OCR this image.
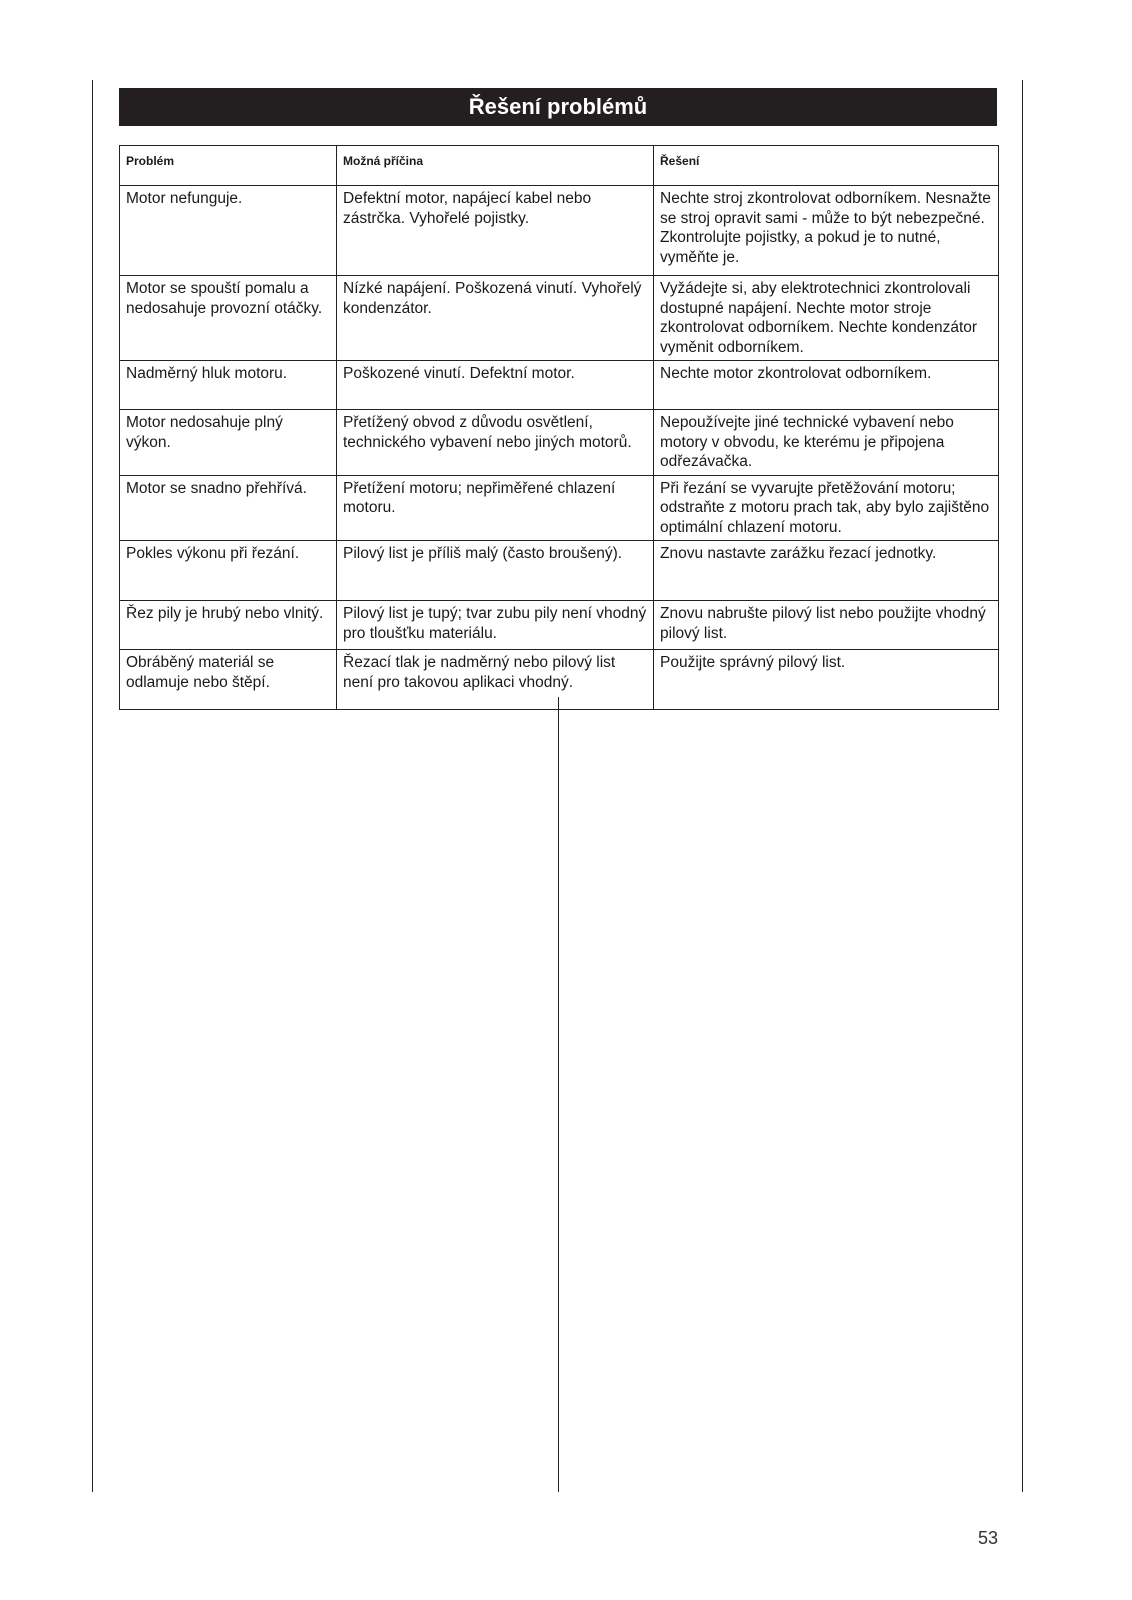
Řešení problémů
Problém	Možná příčina	Řešení
Motor nefunguje.	Defektní motor, napájecí kabel nebo zástrčka. Vyhořelé pojistky.	Nechte stroj zkontrolovat odborníkem. Nesnažte se stroj opravit sami - může to být nebezpečné. Zkontrolujte pojistky, a pokud je to nutné, vyměňte je.
Motor se spouští pomalu a nedosahuje provozní otáčky.	Nízké napájení. Poškozená vinutí. Vyhořelý kondenzátor.	Vyžádejte si, aby elektrotechnici zkontrolovali dostupné napájení. Nechte motor stroje zkontrolovat odborníkem. Nechte kondenzátor vyměnit odborníkem.
Nadměrný hluk motoru.	Poškozené vinutí. Defektní motor.	Nechte motor zkontrolovat odborníkem.
Motor nedosahuje plný výkon.	Přetížený obvod z důvodu osvětlení, technického vybavení nebo jiných motorů.	Nepoužívejte jiné technické vybavení nebo motory v obvodu, ke kterému je připojena odřezávačka.
Motor se snadno přehřívá.	Přetížení motoru; nepřiměřené chlazení motoru.	Při řezání se vyvarujte přetěžování motoru; odstraňte z motoru prach tak, aby bylo zajištěno optimální chlazení motoru.
Pokles výkonu při řezání.	Pilový list je příliš malý (často broušený).	Znovu nastavte zarážku řezací jednotky.
Řez pily je hrubý nebo vlnitý.	Pilový list je tupý; tvar zubu pily není vhodný pro tloušťku materiálu.	Znovu nabrušte pilový list nebo použijte vhodný pilový list.
Obráběný materiál se odlamuje nebo štěpí.	Řezací tlak je nadměrný nebo pilový list není pro takovou aplikaci vhodný.	Použijte správný pilový list.
53
